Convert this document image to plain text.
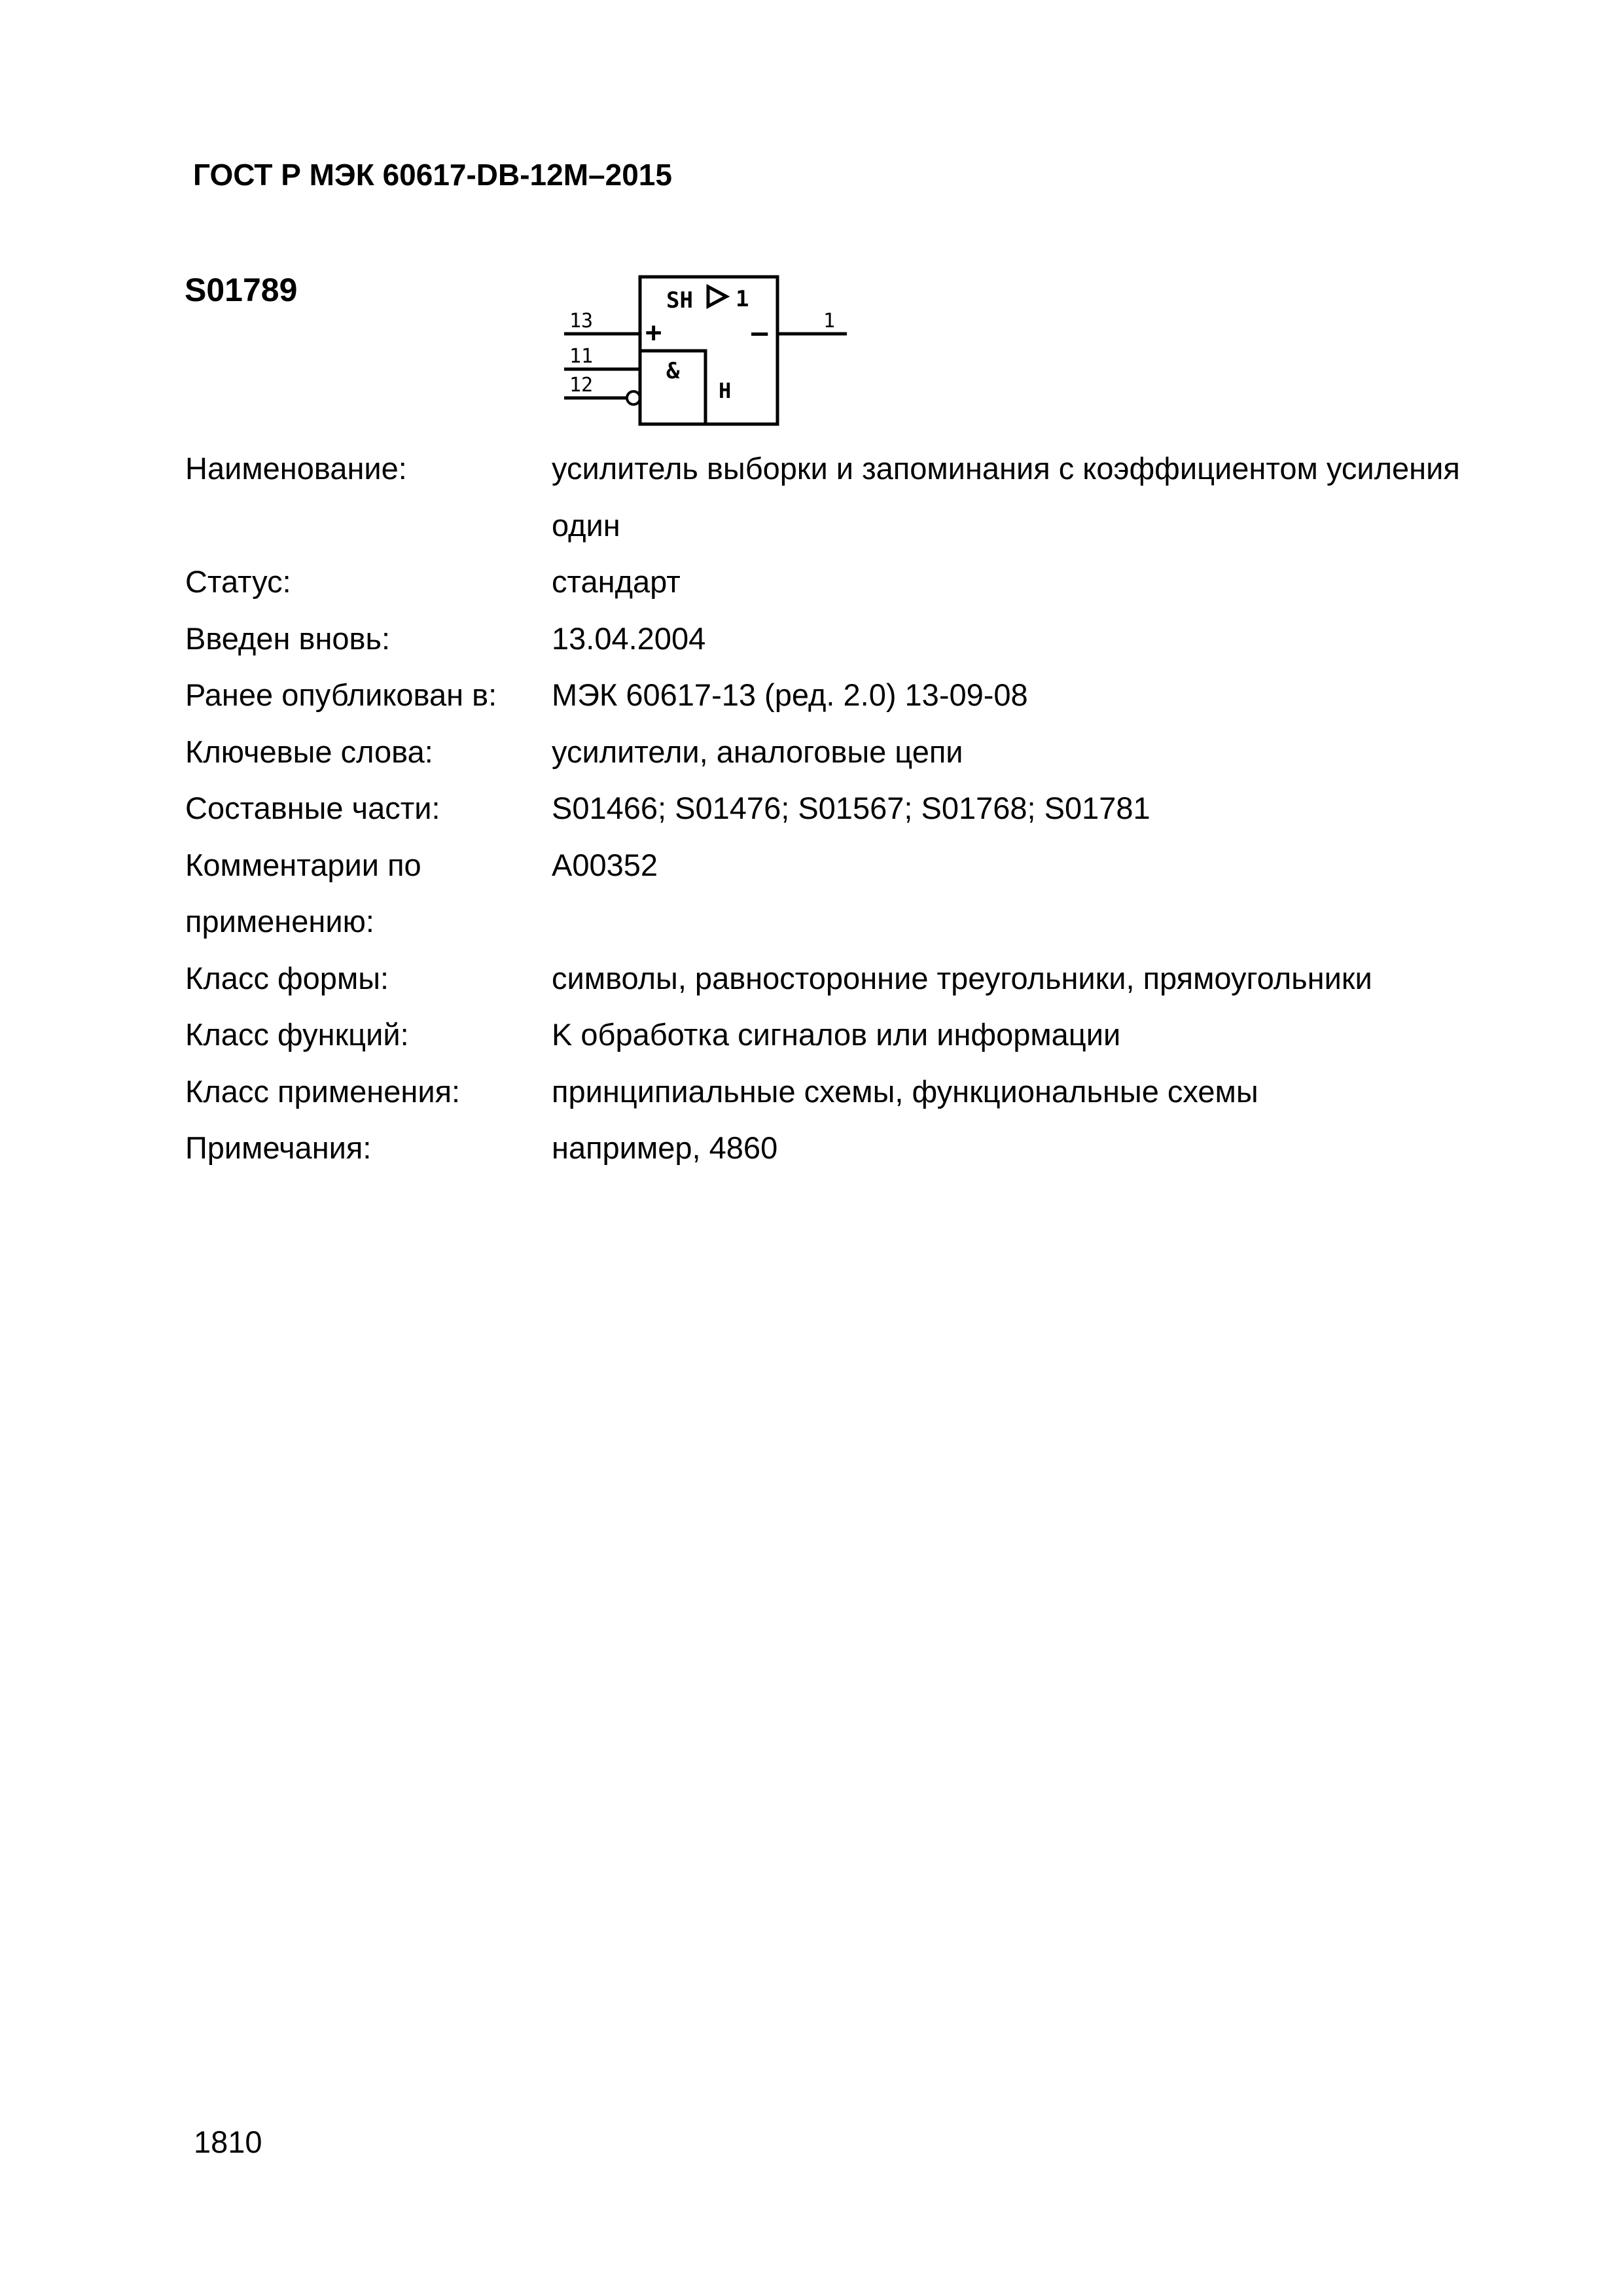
ГОСТ Р МЭК 60617-DB-12M–2015
S01789	SH 1
+	–
&
H
13
11
12
1
Наименование:	усилитель выборки и запоминания с коэффициентом усиления один
Статус:	стандарт
Введен вновь:	13.04.2004
Ранее опубликован в:	МЭК 60617-13 (ред. 2.0) 13-09-08
Ключевые слова:	усилители, аналоговые цепи
Составные части:	S01466; S01476; S01567; S01768; S01781
Комментарии по применению:
A00352
Класс формы:	символы, равносторонние треугольники, прямоугольники
Класс функций:	K обработка сигналов или информации
Класс применения:	принципиальные схемы, функциональные схемы
Примечания:	например, 4860
1810
